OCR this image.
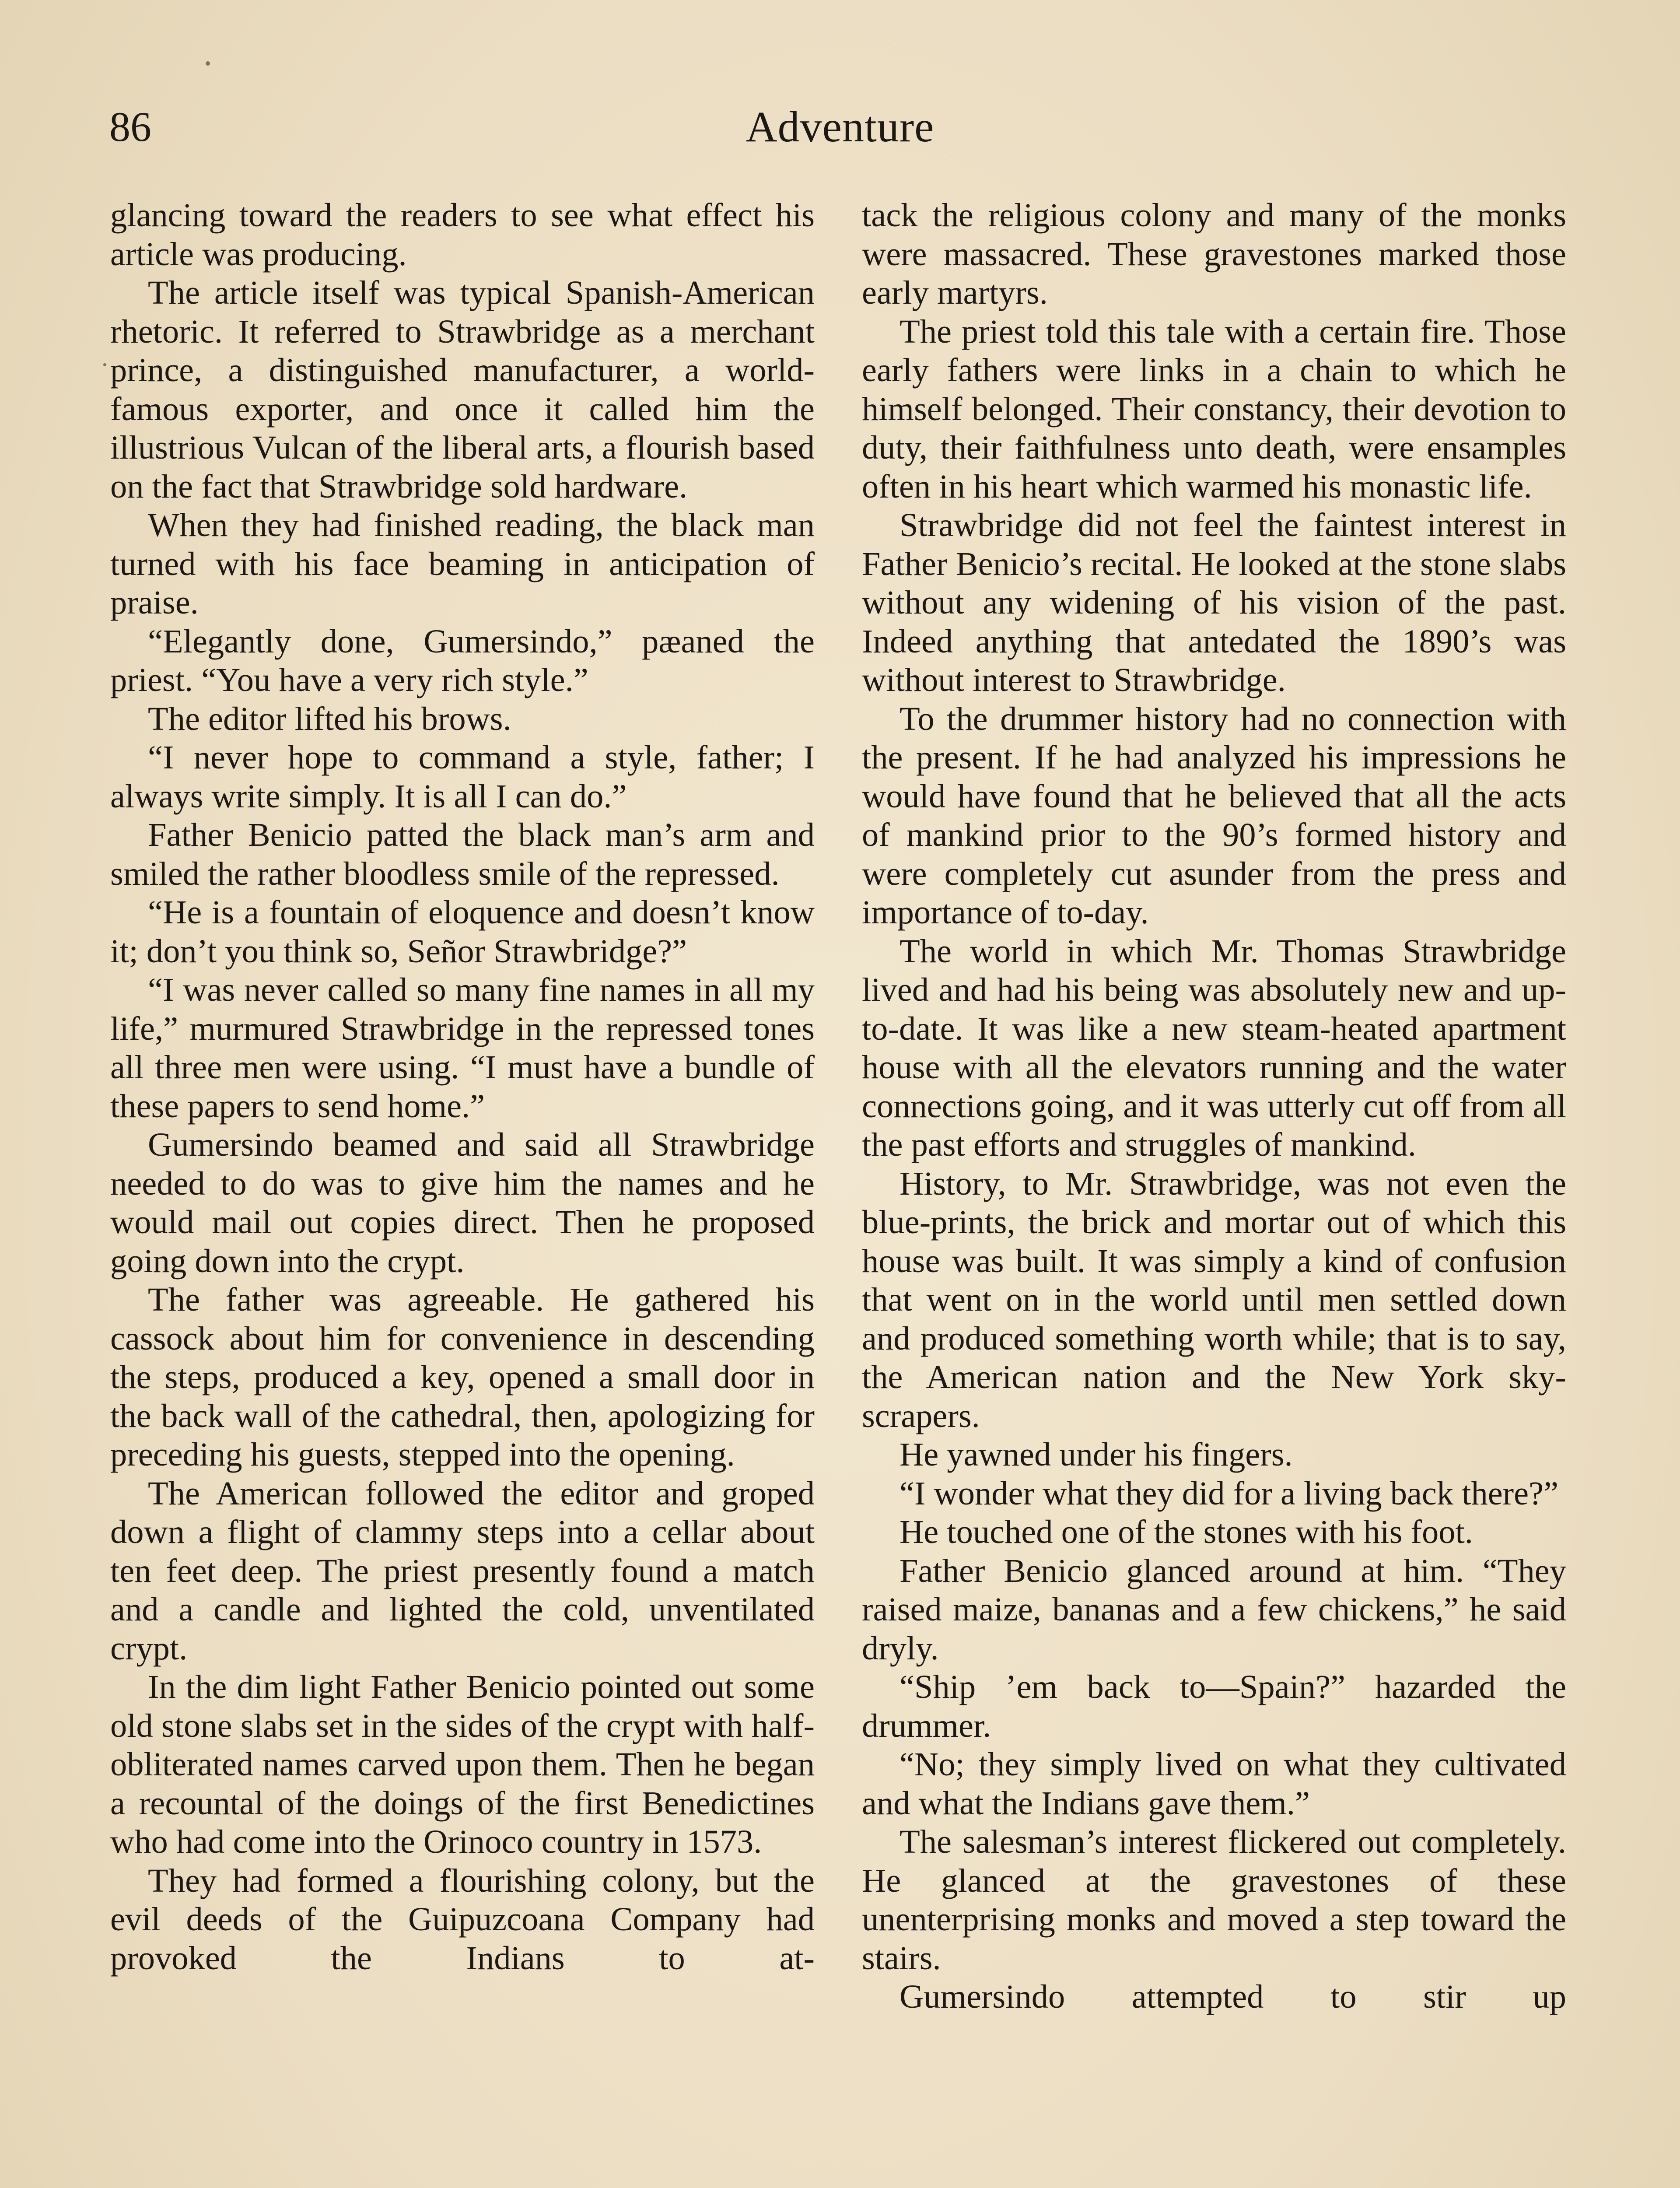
86	Adventure

glancing toward the readers to see what effect his article was producing.

The article itself was typical Spanish-American rhetoric. It referred to Strawbridge as a merchant prince, a distinguished manufacturer, a world-famous exporter, and once it called him the illustrious Vulcan of the liberal arts, a flourish based on the fact that Strawbridge sold hardware.

When they had finished reading, the black man turned with his face beaming in anticipation of praise.

“Elegantly done, Gumersindo,” pæaned the priest. “You have a very rich style.”

The editor lifted his brows.

“I never hope to command a style, father; I always write simply. It is all I can do.”

Father Benicio patted the black man’s arm and smiled the rather bloodless smile of the repressed.

“He is a fountain of eloquence and doesn’t know it; don’t you think so, Señor Strawbridge?”

“I was never called so many fine names in all my life,” murmured Strawbridge in the repressed tones all three men were using. “I must have a bundle of these papers to send home.”

Gumersindo beamed and said all Strawbridge needed to do was to give him the names and he would mail out copies direct. Then he proposed going down into the crypt.

The father was agreeable. He gathered his cassock about him for convenience in descending the steps, produced a key, opened a small door in the back wall of the cathedral, then, apologizing for preceding his guests, stepped into the opening.

The American followed the editor and groped down a flight of clammy steps into a cellar about ten feet deep. The priest presently found a match and a candle and lighted the cold, unventilated crypt.

In the dim light Father Benicio pointed out some old stone slabs set in the sides of the crypt with half-obliterated names carved upon them. Then he began a recountal of the doings of the first Benedictines who had come into the Orinoco country in 1573.

They had formed a flourishing colony, but the evil deeds of the Guipuzcoana Company had provoked the Indians to at-

tack the religious colony and many of the monks were massacred. These gravestones marked those early martyrs.

The priest told this tale with a certain fire. Those early fathers were links in a chain to which he himself belonged. Their constancy, their devotion to duty, their faithfulness unto death, were ensamples often in his heart which warmed his monastic life.

Strawbridge did not feel the faintest interest in Father Benicio’s recital. He looked at the stone slabs without any widening of his vision of the past. Indeed anything that antedated the 1890’s was without interest to Strawbridge.

To the drummer history had no connection with the present. If he had analyzed his impressions he would have found that he believed that all the acts of mankind prior to the 90’s formed history and were completely cut asunder from the press and importance of to-day.

The world in which Mr. Thomas Strawbridge lived and had his being was absolutely new and up-to-date. It was like a new steam-heated apartment house with all the elevators running and the water connections going, and it was utterly cut off from all the past efforts and struggles of mankind.

History, to Mr. Strawbridge, was not even the blue-prints, the brick and mortar out of which this house was built. It was simply a kind of confusion that went on in the world until men settled down and produced something worth while; that is to say, the American nation and the New York sky-scrapers.

He yawned under his fingers.

“I wonder what they did for a living back there?”

He touched one of the stones with his foot.

Father Benicio glanced around at him. “They raised maize, bananas and a few chickens,” he said dryly.

“Ship ’em back to—Spain?” hazarded the drummer.

“No; they simply lived on what they cultivated and what the Indians gave them.”

The salesman’s interest flickered out completely. He glanced at the gravestones of these unenterprising monks and moved a step toward the stairs.

Gumersindo attempted to stir up
